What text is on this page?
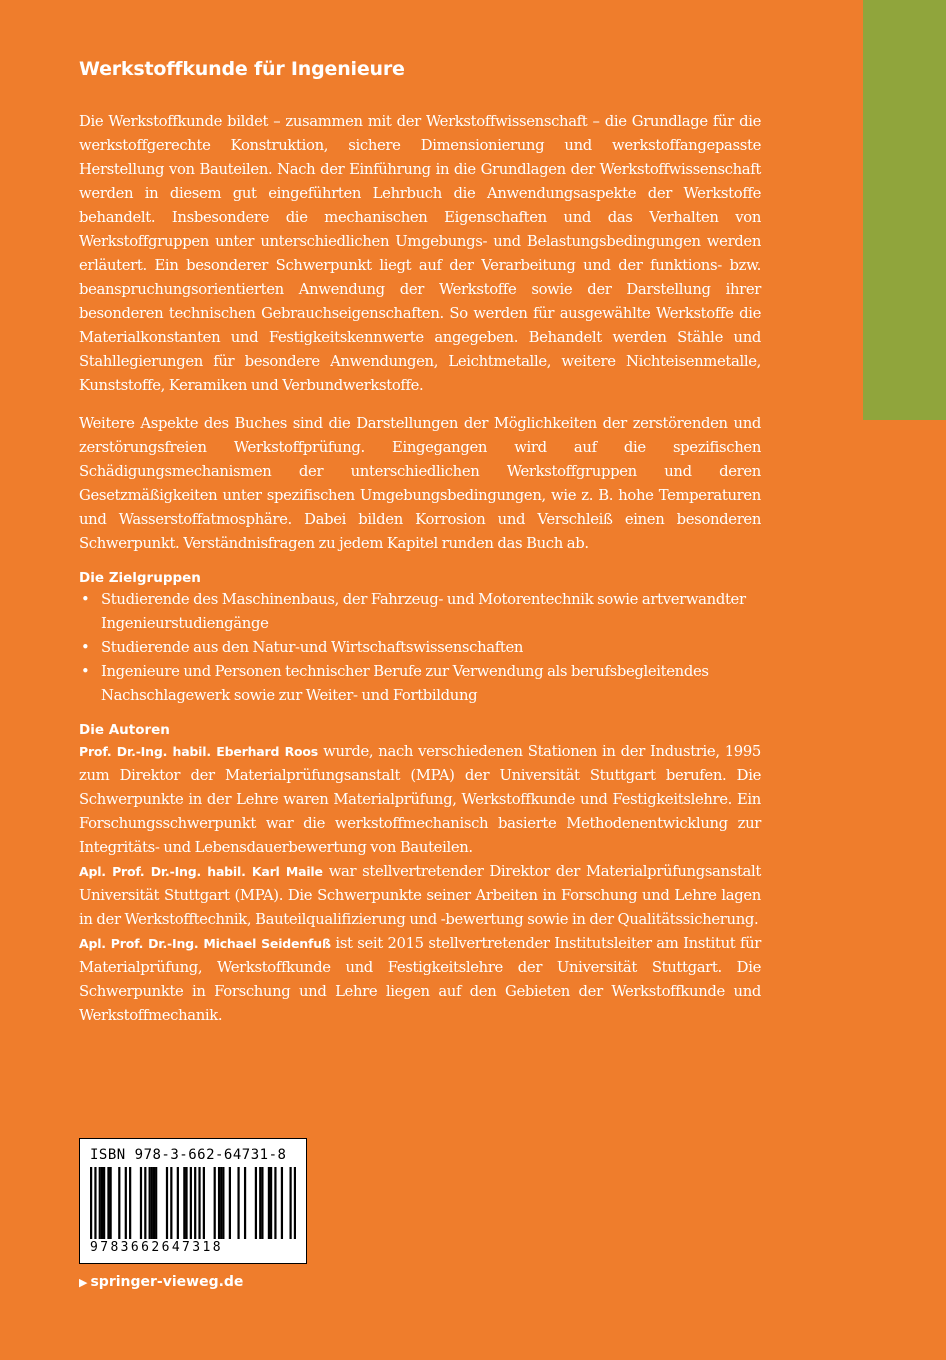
Werkstoffkunde für Ingenieure

Die Werkstoffkunde bildet – zusammen mit der Werkstoffwissenschaft – die Grundlage für die werkstoffgerechte Konstruktion, sichere Dimensionierung und werkstoffangepasste Herstellung von Bauteilen. Nach der Einführung in die Grundlagen der Werkstoffwissenschaft werden in diesem gut eingeführten Lehrbuch die Anwendungsaspekte der Werkstoffe behandelt. Insbesondere die mechanischen Eigenschaften und das Verhalten von Werkstoffgruppen unter unterschiedlichen Umgebungs- und Belastungsbedingungen werden erläutert. Ein besonderer Schwerpunkt liegt auf der Verarbeitung und der funktions- bzw. beanspruchungsorientierten Anwendung der Werkstoffe sowie der Darstellung ihrer besonderen technischen Gebrauchseigenschaften. So werden für ausgewählte Werkstoffe die Materialkonstanten und Festigkeitskennwerte angegeben. Behandelt werden Stähle und Stahllegierungen für besondere Anwendungen, Leichtmetalle, weitere Nichteisenmetalle, Kunststoffe, Keramiken und Verbundwerkstoffe.

Weitere Aspekte des Buches sind die Darstellungen der Möglichkeiten der zerstörenden und zerstörungsfreien Werkstoffprüfung. Eingegangen wird auf die spezifischen Schädigungsmechanismen der unterschiedlichen Werkstoffgruppen und deren Gesetzmäßigkeiten unter spezifischen Umgebungsbedingungen, wie z. B. hohe Temperaturen und Wasserstoffatmosphäre. Dabei bilden Korrosion und Verschleiß einen besonderen Schwerpunkt. Verständnisfragen zu jedem Kapitel runden das Buch ab.

Die Zielgruppen
• Studierende des Maschinenbaus, der Fahrzeug- und Motorentechnik sowie artverwandter Ingenieurstudiengänge
• Studierende aus den Natur-und Wirtschaftswissenschaften
• Ingenieure und Personen technischer Berufe zur Verwendung als berufsbegleitendes Nachschlagewerk sowie zur Weiter- und Fortbildung
Die Autoren

Prof. Dr.-Ing. habil. Eberhard Roos wurde, nach verschiedenen Stationen in der Industrie, 1995 zum Direktor der Materialprüfungsanstalt (MPA) der Universität Stuttgart berufen. Die Schwerpunkte in der Lehre waren Materialprüfung, Werkstoffkunde und Festigkeitslehre. Ein Forschungsschwerpunkt war die werkstoffmechanisch basierte Methodenentwicklung zur Integritäts- und Lebensdauerbewertung von Bauteilen.

Apl. Prof. Dr.-Ing. habil. Karl Maile war stellvertretender Direktor der Materialprüfungsanstalt Universität Stuttgart (MPA). Die Schwerpunkte seiner Arbeiten in Forschung und Lehre lagen in der Werkstofftechnik, Bauteilqualifizierung und -bewertung sowie in der Qualitätssicherung.

Apl. Prof. Dr.-Ing. Michael Seidenfuß ist seit 2015 stellvertretender Institutsleiter am Institut für Materialprüfung, Werkstoffkunde und Festigkeitslehre der Universität Stuttgart. Die Schwerpunkte in Forschung und Lehre liegen auf den Gebieten der Werkstoffkunde und Werkstoffmechanik.

ISBN 978-3-662-64731-8
9783662647318
▶ springer-vieweg.de
